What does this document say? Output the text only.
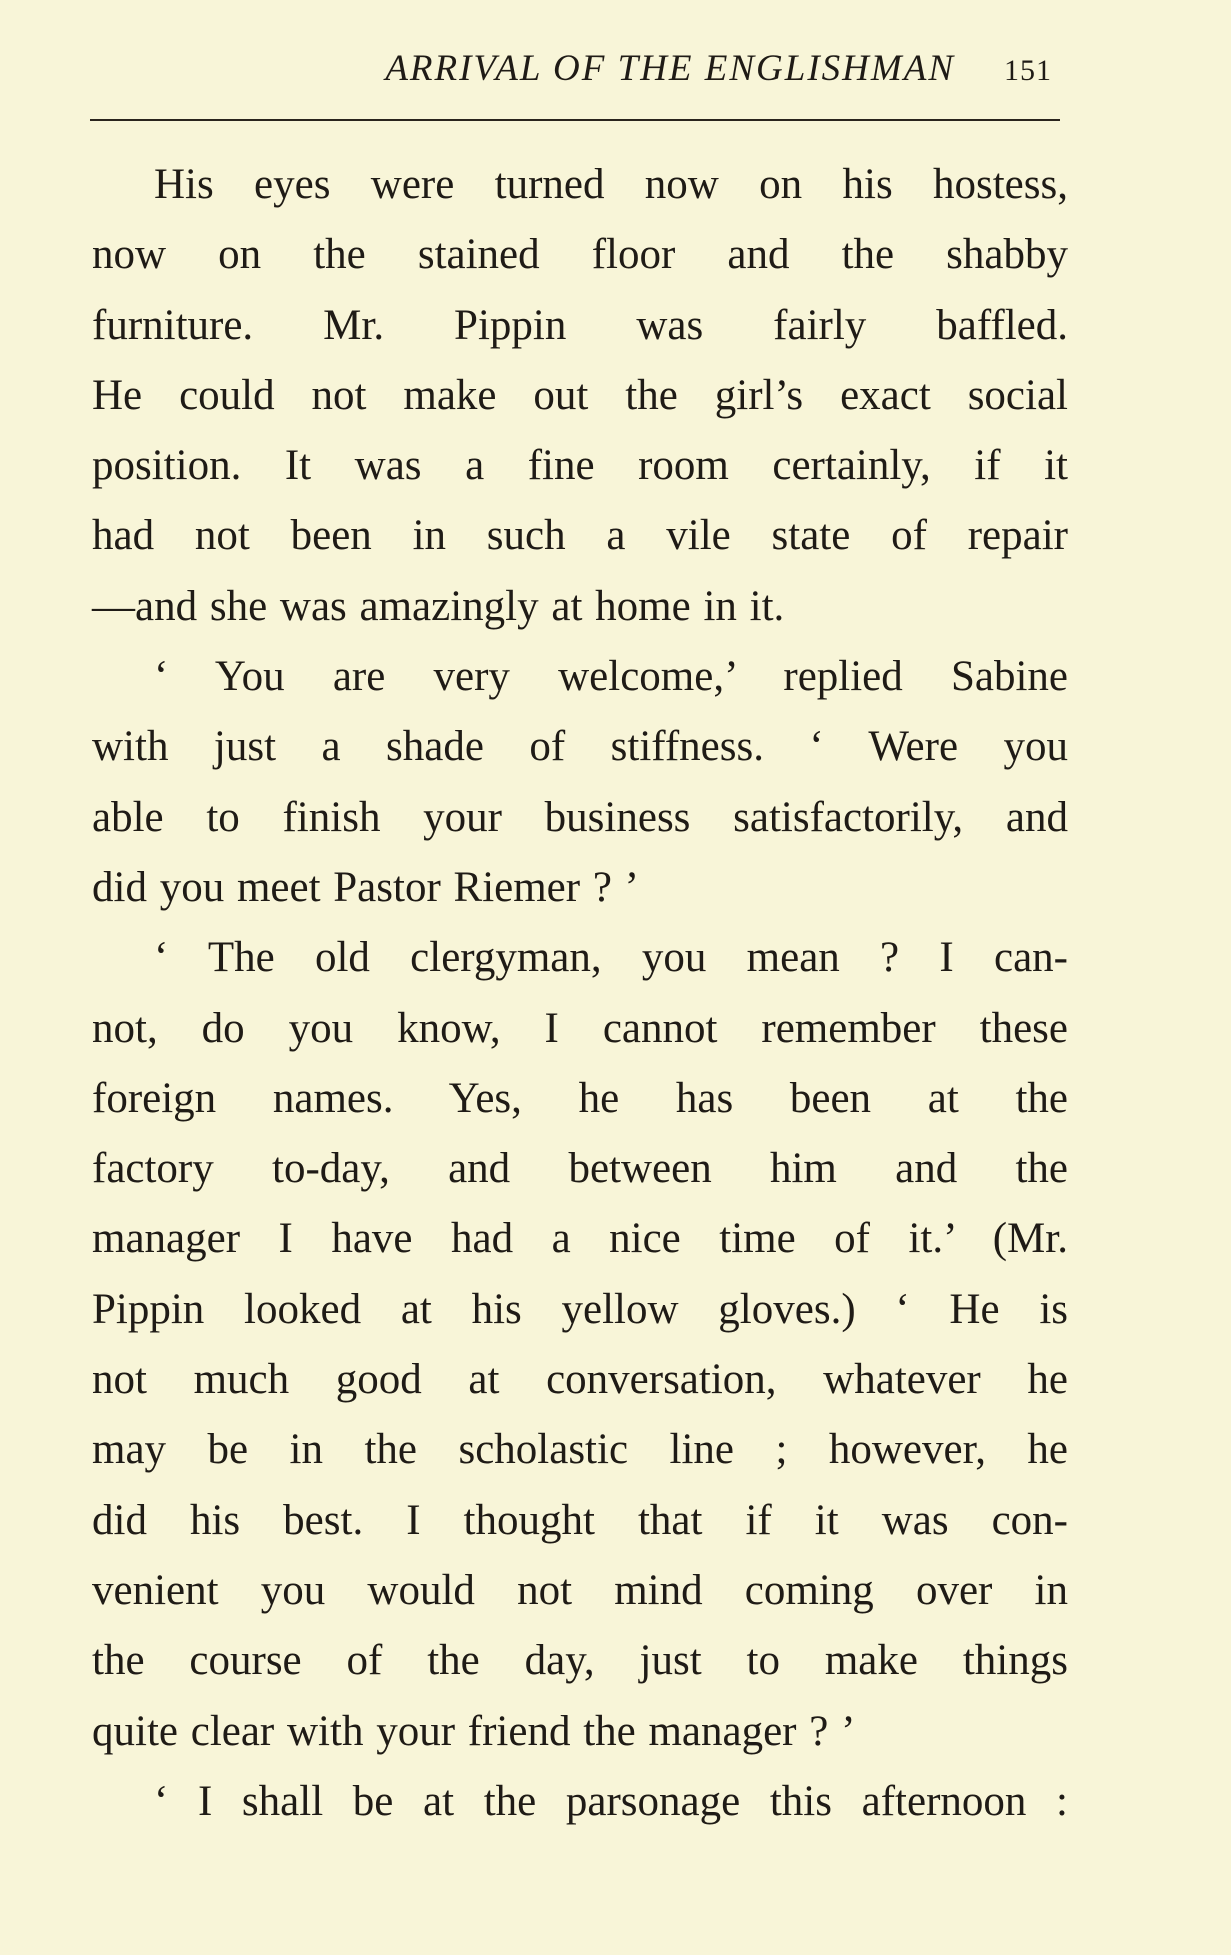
ARRIVAL OF THE ENGLISHMAN 151
His eyes were turned now on his hostess,
now on the stained floor and the shabby
furniture. Mr. Pippin was fairly baffled.
He could not make out the girl’s exact social
position. It was a fine room certainly, if it
had not been in such a vile state of repair
—and she was amazingly at home in it.
‘ You are very welcome,’ replied Sabine
with just a shade of stiffness. ‘ Were you
able to finish your business satisfactorily, and
did you meet Pastor Riemer ? ’
‘ The old clergyman, you mean ? I can-
not, do you know, I cannot remember these
foreign names. Yes, he has been at the
factory to-day, and between him and the
manager I have had a nice time of it.’ (Mr.
Pippin looked at his yellow gloves.) ‘ He is
not much good at conversation, whatever he
may be in the scholastic line ; however, he
did his best. I thought that if it was con-
venient you would not mind coming over in
the course of the day, just to make things
quite clear with your friend the manager ? ’
‘ I shall be at the parsonage this afternoon :
